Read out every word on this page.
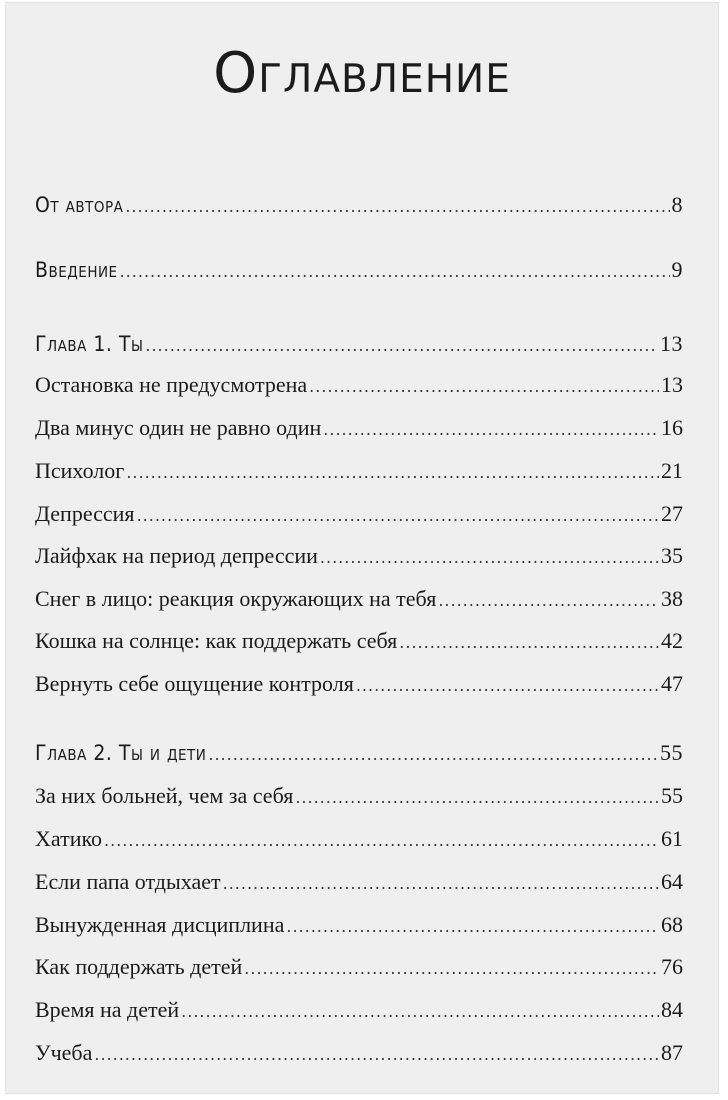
Оглавление
От автора .....	8
Введение .....	9
Глава 1. Ты .....	13
Остановка не предусмотрена .....	13
Два минус один не равно один .....	16
Психолог .....	21
Депрессия .....	27
Лайфхак на период депрессии .....	35
Снег в лицо: реакция окружающих на тебя .....	38
Кошка на солнце: как поддержать себя .....	42
Вернуть себе ощущение контроля .....	47
Глава 2. Ты и дети .....	55
За них больней, чем за себя .....	55
Хатико .....	61
Если папа отдыхает .....	64
Вынужденная дисциплина .....	68
Как поддержать детей .....	76
Время на детей .....	84
Учеба .....	87
